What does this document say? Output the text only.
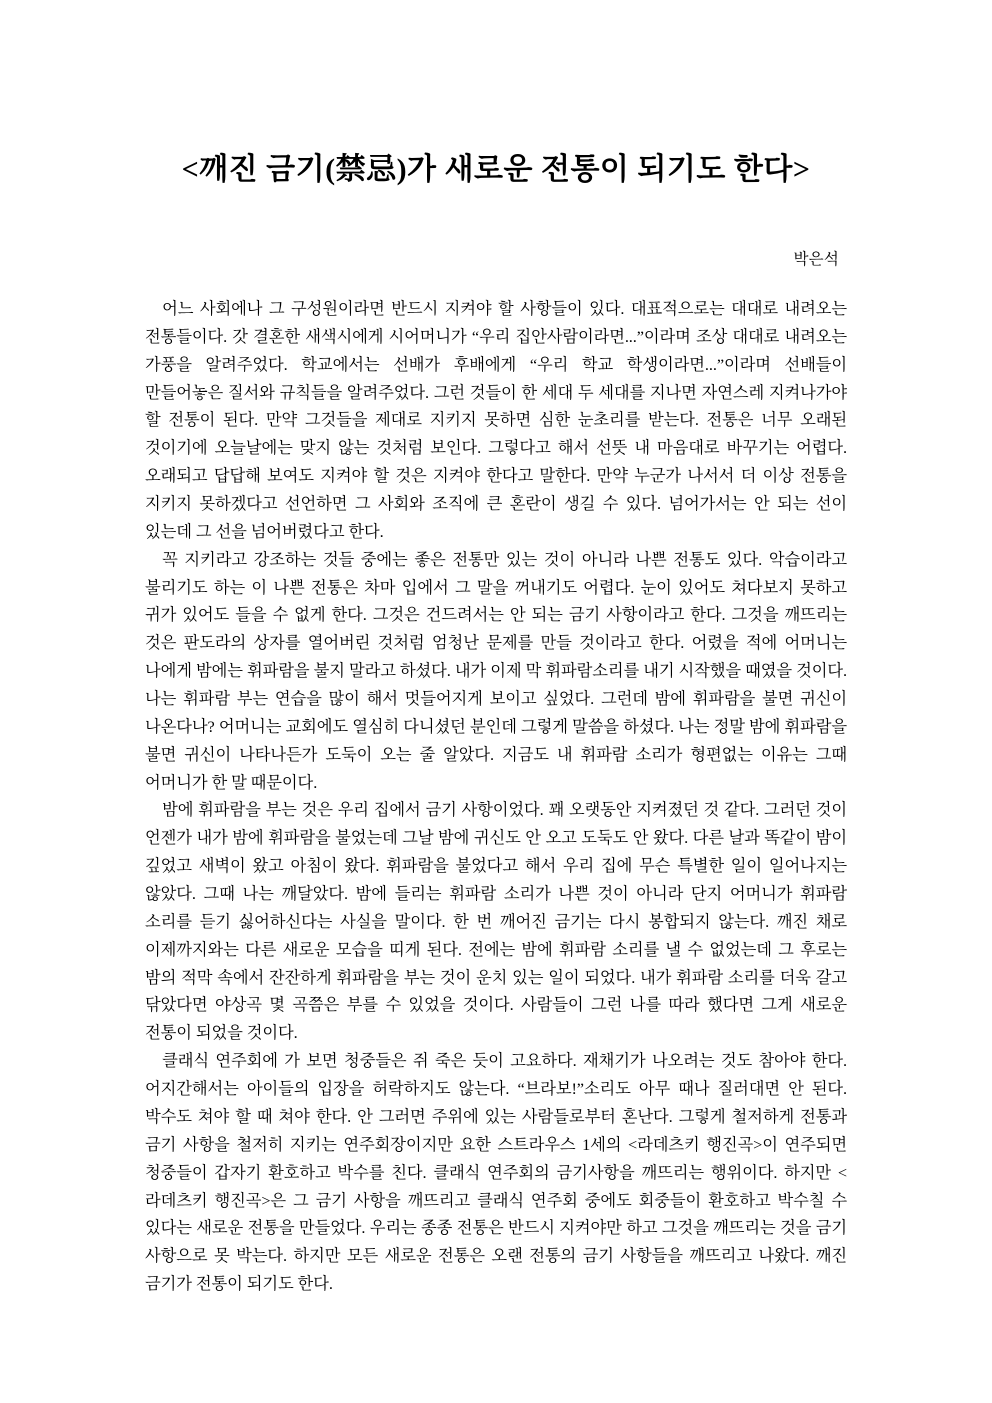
<깨진 금기(禁忌)가 새로운 전통이 되기도 한다>
박은석

어느 사회에나 그 구성원이라면 반드시 지켜야 할 사항들이 있다. 대표적으로는 대대로 내려오는 전통들이다. 갓 결혼한 새색시에게 시어머니가 “우리 집안사람이라면...”이라며 조상 대대로 내려오는 가풍을 알려주었다. 학교에서는 선배가 후배에게 “우리 학교 학생이라면...”이라며 선배들이 만들어놓은 질서와 규칙들을 알려주었다. 그런 것들이 한 세대 두 세대를 지나면 자연스레 지켜나가야 할 전통이 된다. 만약 그것들을 제대로 지키지 못하면 심한 눈초리를 받는다. 전통은 너무 오래된 것이기에 오늘날에는 맞지 않는 것처럼 보인다. 그렇다고 해서 선뜻 내 마음대로 바꾸기는 어렵다. 오래되고 답답해 보여도 지켜야 할 것은 지켜야 한다고 말한다. 만약 누군가 나서서 더 이상 전통을 지키지 못하겠다고 선언하면 그 사회와 조직에 큰 혼란이 생길 수 있다. 넘어가서는 안 되는 선이 있는데 그 선을 넘어버렸다고 한다.

꼭 지키라고 강조하는 것들 중에는 좋은 전통만 있는 것이 아니라 나쁜 전통도 있다. 악습이라고 불리기도 하는 이 나쁜 전통은 차마 입에서 그 말을 꺼내기도 어렵다. 눈이 있어도 쳐다보지 못하고 귀가 있어도 들을 수 없게 한다. 그것은 건드려서는 안 되는 금기 사항이라고 한다. 그것을 깨뜨리는 것은 판도라의 상자를 열어버린 것처럼 엄청난 문제를 만들 것이라고 한다. 어렸을 적에 어머니는 나에게 밤에는 휘파람을 불지 말라고 하셨다. 내가 이제 막 휘파람소리를 내기 시작했을 때였을 것이다. 나는 휘파람 부는 연습을 많이 해서 멋들어지게 보이고 싶었다. 그런데 밤에 휘파람을 불면 귀신이 나온다나? 어머니는 교회에도 열심히 다니셨던 분인데 그렇게 말씀을 하셨다. 나는 정말 밤에 휘파람을 불면 귀신이 나타나든가 도둑이 오는 줄 알았다. 지금도 내 휘파람 소리가 형편없는 이유는 그때 어머니가 한 말 때문이다.

밤에 휘파람을 부는 것은 우리 집에서 금기 사항이었다. 꽤 오랫동안 지켜졌던 것 같다. 그러던 것이 언젠가 내가 밤에 휘파람을 불었는데 그날 밤에 귀신도 안 오고 도둑도 안 왔다. 다른 날과 똑같이 밤이 깊었고 새벽이 왔고 아침이 왔다. 휘파람을 불었다고 해서 우리 집에 무슨 특별한 일이 일어나지는 않았다. 그때 나는 깨달았다. 밤에 들리는 휘파람 소리가 나쁜 것이 아니라 단지 어머니가 휘파람 소리를 듣기 싫어하신다는 사실을 말이다. 한 번 깨어진 금기는 다시 봉합되지 않는다. 깨진 채로 이제까지와는 다른 새로운 모습을 띠게 된다. 전에는 밤에 휘파람 소리를 낼 수 없었는데 그 후로는 밤의 적막 속에서 잔잔하게 휘파람을 부는 것이 운치 있는 일이 되었다. 내가 휘파람 소리를 더욱 갈고 닦았다면 야상곡 몇 곡쯤은 부를 수 있었을 것이다. 사람들이 그런 나를 따라 했다면 그게 새로운 전통이 되었을 것이다.

클래식 연주회에 가 보면 청중들은 쥐 죽은 듯이 고요하다. 재채기가 나오려는 것도 참아야 한다. 어지간해서는 아이들의 입장을 허락하지도 않는다. “브라보!”소리도 아무 때나 질러대면 안 된다. 박수도 쳐야 할 때 쳐야 한다. 안 그러면 주위에 있는 사람들로부터 혼난다. 그렇게 철저하게 전통과 금기 사항을 철저히 지키는 연주회장이지만 요한 스트라우스 1세의 <라데츠키 행진곡>이 연주되면 청중들이 갑자기 환호하고 박수를 친다. 클래식 연주회의 금기사항을 깨뜨리는 행위이다. 하지만 <라데츠키 행진곡>은 그 금기 사항을 깨뜨리고 클래식 연주회 중에도 회중들이 환호하고 박수칠 수 있다는 새로운 전통을 만들었다. 우리는 종종 전통은 반드시 지켜야만 하고 그것을 깨뜨리는 것을 금기 사항으로 못 박는다. 하지만 모든 새로운 전통은 오랜 전통의 금기 사항들을 깨뜨리고 나왔다. 깨진 금기가 전통이 되기도 한다.
